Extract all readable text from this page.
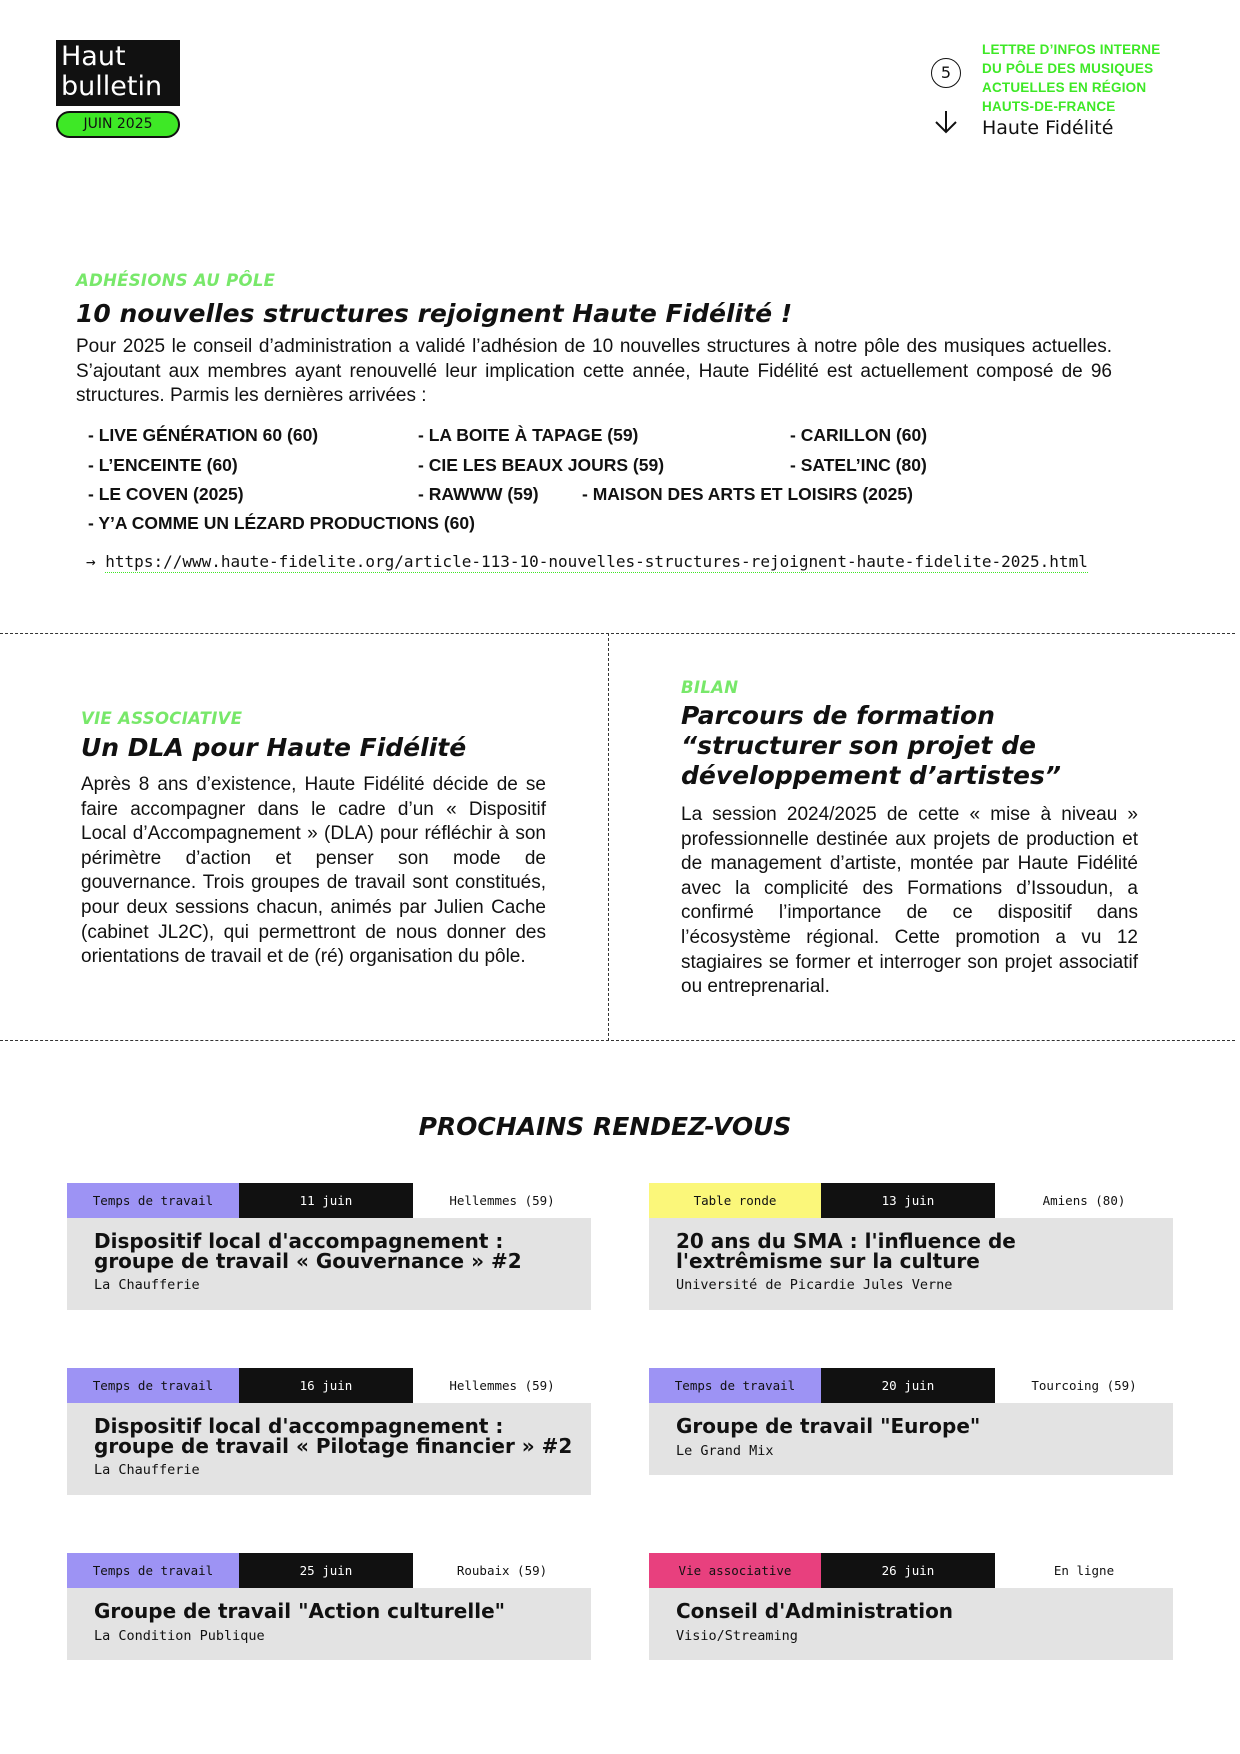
Haut
bulletin
JUIN 2025
5
LETTRE D’INFOS INTERNE
DU PÔLE DES MUSIQUES
ACTUELLES EN RÉGION
HAUTS-DE-FRANCE
Haute Fidélité
ADHÉSIONS AU PÔLE
10 nouvelles structures rejoignent Haute Fidélité !
Pour 2025 le conseil d’administration a validé l’adhésion de 10 nouvelles structures à notre pôle des musiques actuelles. S’ajoutant aux membres ayant renouvellé leur implication cette année, Haute Fidélité est actuellement composé de 96 structures. Parmis les dernières arrivées :
- LIVE GÉNÉRATION 60 (60)	- LA BOITE À TAPAGE (59)	- CARILLON (60)
- L’ENCEINTE (60)	- CIE LES BEAUX JOURS (59)	- SATEL’INC (80)
- LE COVEN (2025)	- RAWWW (59) - MAISON DES ARTS ET LOISIRS (2025)
- Y’A COMME UN LÉZARD PRODUCTIONS (60)
→ https://www.haute-fidelite.org/article-113-10-nouvelles-structures-rejoignent-haute-fidelite-2025.html
VIE ASSOCIATIVE
Un DLA pour Haute Fidélité
Après 8 ans d’existence, Haute Fidélité décide de se faire accompagner dans le cadre d’un « Dispositif Local d’Accompagnement » (DLA) pour réfléchir à son périmètre d’action et penser son mode de gouvernance. Trois groupes de travail sont constitués, pour deux sessions chacun, animés par Julien Cache (cabinet JL2C), qui permettront de nous donner des orientations de travail et de (ré) organisation du pôle.
BILAN
Parcours de formation
“structurer son projet de
développement d’artistes”
La session 2024/2025 de cette « mise à niveau » professionnelle destinée aux projets de production et de management d’artiste, montée par Haute Fidélité avec la complicité des Formations d’Issoudun, a confirmé l’importance de ce dispositif dans l’écosystème régional. Cette promotion a vu 12 stagiaires se former et interroger son projet associatif ou entreprenarial.
PROCHAINS RENDEZ-VOUS
Temps de travail	11 juin	Hellemmes (59)
Dispositif local d'accompagnement :
groupe de travail « Gouvernance » #2
La Chaufferie
Table ronde	13 juin	Amiens (80)
20 ans du SMA : l'influence de
l'extrêmisme sur la culture
Université de Picardie Jules Verne
Temps de travail	16 juin	Hellemmes (59)
Dispositif local d'accompagnement :
groupe de travail « Pilotage financier » #2
La Chaufferie
Temps de travail	20 juin	Tourcoing (59)
Groupe de travail "Europe"
Le Grand Mix
Temps de travail	25 juin	Roubaix (59)
Groupe de travail "Action culturelle"
La Condition Publique
Vie associative	26 juin	En ligne
Conseil d'Administration
Visio/Streaming
